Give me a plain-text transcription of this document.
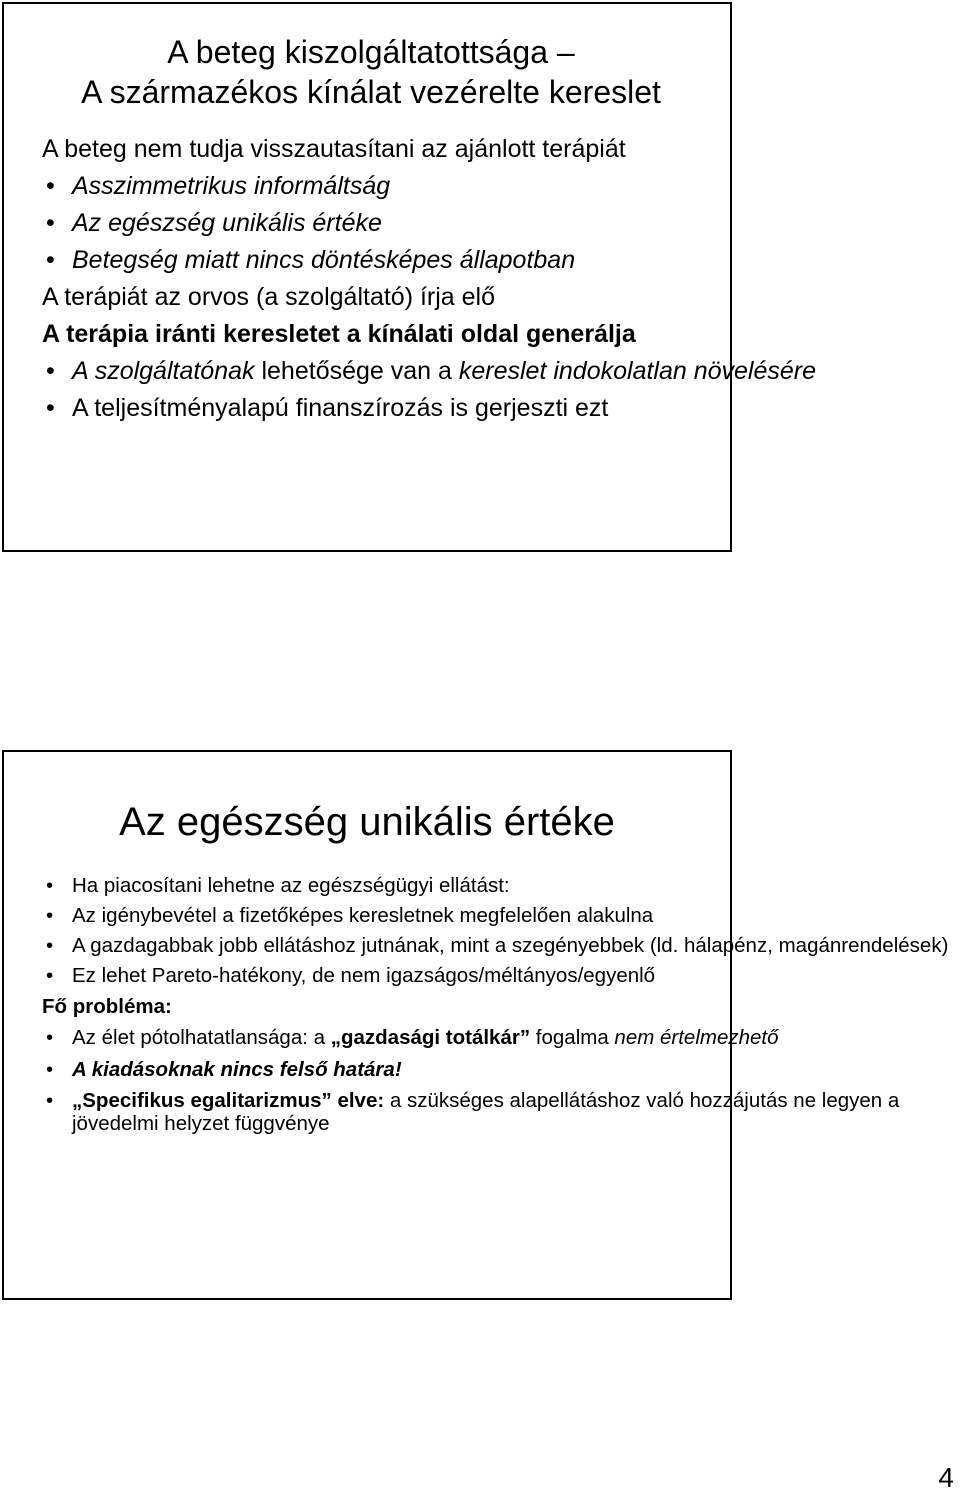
A beteg kiszolgáltatottsága –
A származékos kínálat vezérelte kereslet

A beteg nem tudja visszautasítani az ajánlott terápiát

• Asszimmetrikus informáltság

• Az egészség unikális értéke

• Betegség miatt nincs döntésképes állapotban

A terápiát az orvos (a szolgáltató) írja elő

A terápia iránti keresletet a kínálati oldal generálja

• A szolgáltatónak lehetősége van a kereslet indokolatlan növelésére

• A teljesítményalapú finanszírozás is gerjeszti ezt

Az egészség unikális értéke

• Ha piacosítani lehetne az egészségügyi ellátást:

• Az igénybevétel a fizetőképes keresletnek megfelelően alakulna

• A gazdagabbak jobb ellátáshoz jutnának, mint a szegényebbek (ld. hálapénz, magánrendelések)

• Ez lehet Pareto-hatékony, de nem igazságos/méltányos/egyenlő

Fő probléma:

• Az élet pótolhatatlansága: a „gazdasági totálkár” fogalma nem értelmezhető

• A kiadásoknak nincs felső határa!

• „Specifikus egalitarizmus” elve: a szükséges alapellátáshoz való hozzájutás ne legyen a jövedelmi helyzet függvénye

4
